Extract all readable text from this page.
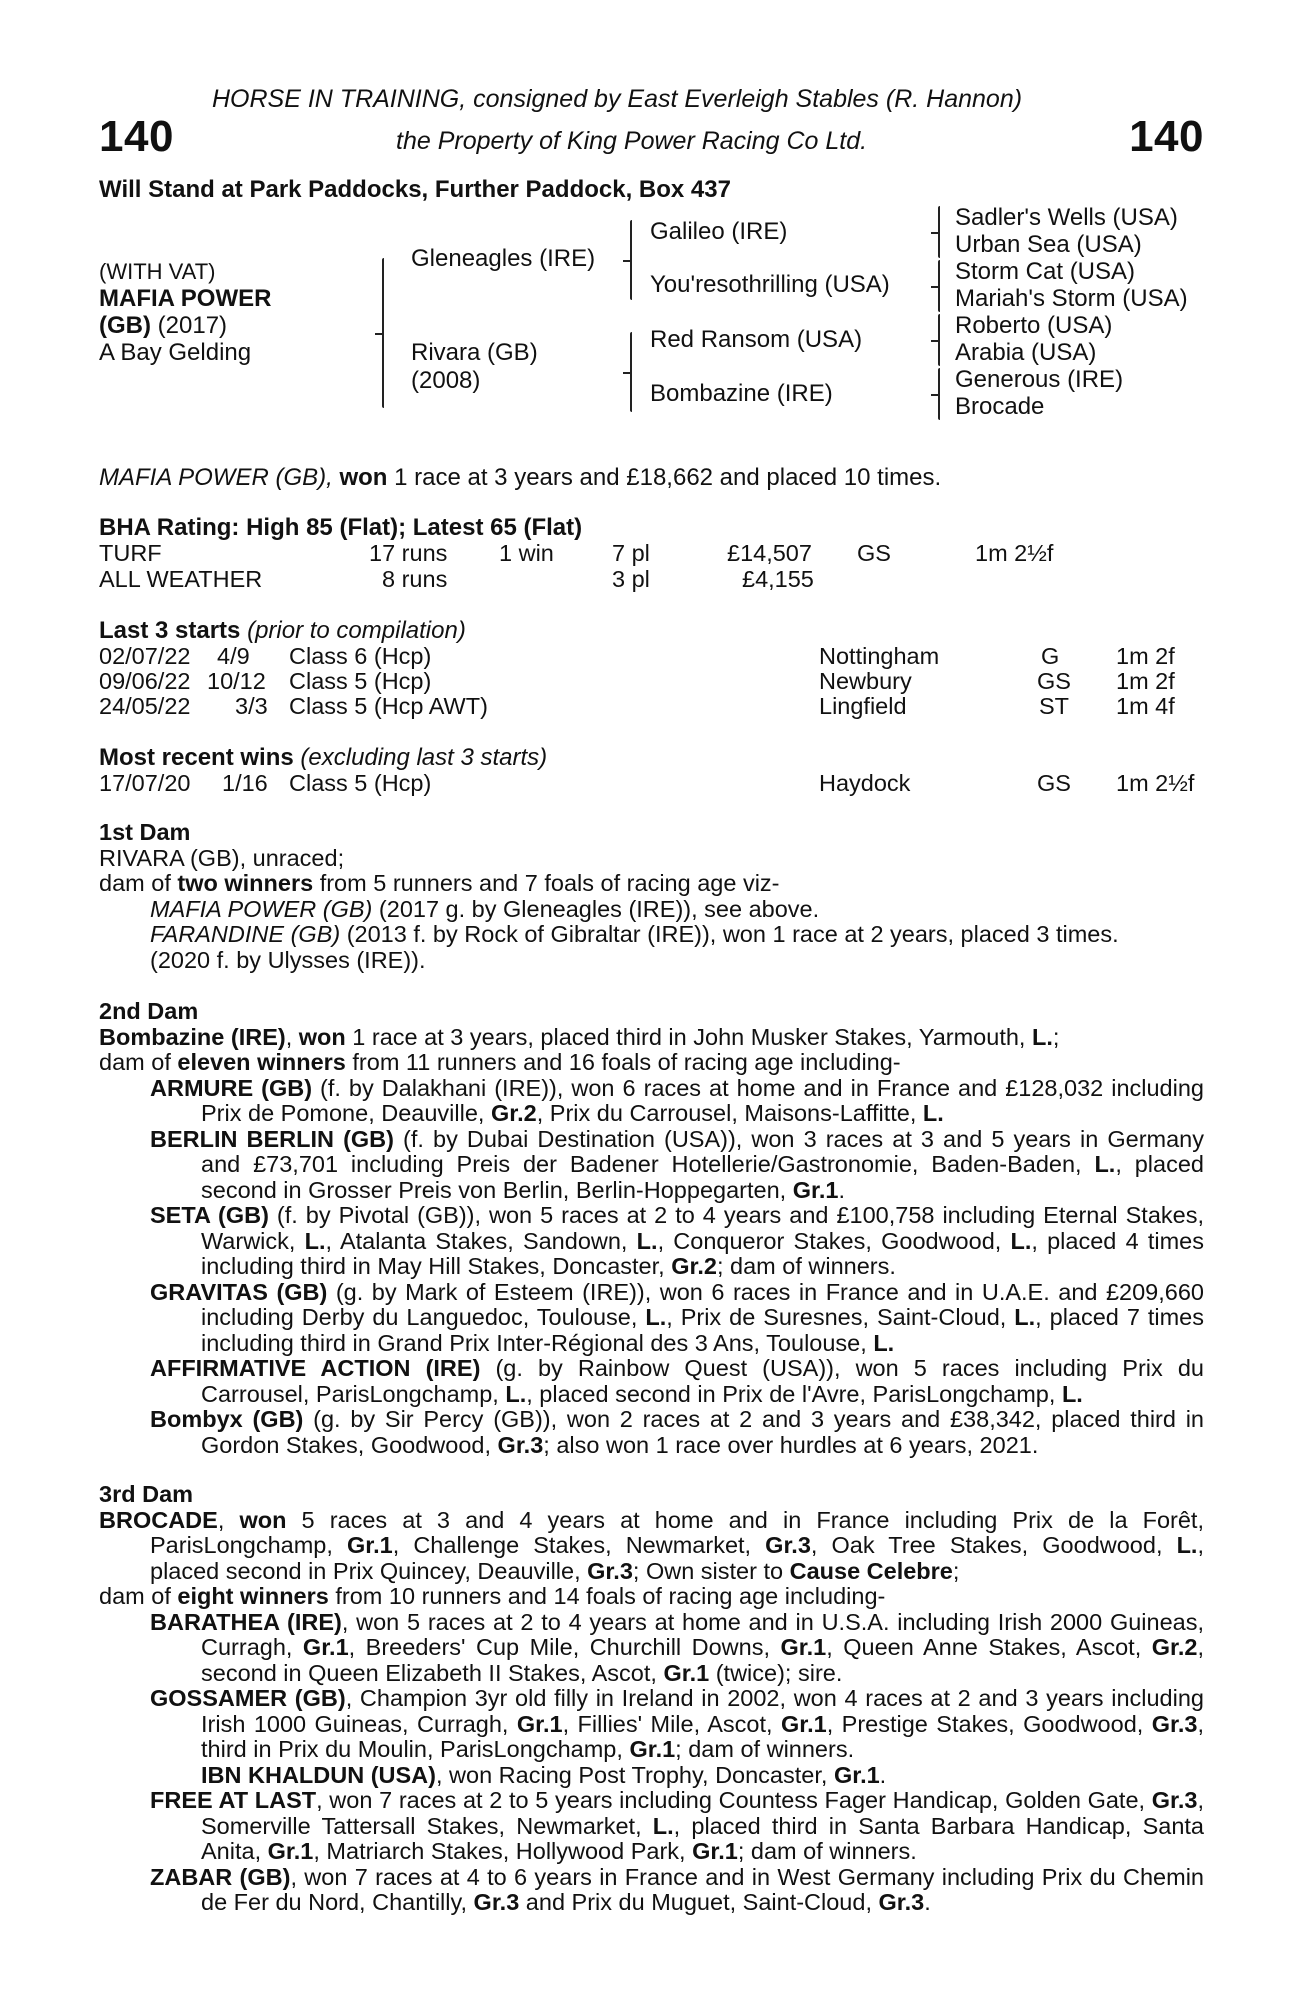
140	140
HORSE IN TRAINING, consigned by East Everleigh Stables (R. Hannon)
the Property of King Power Racing Co Ltd.
Will Stand at Park Paddocks, Further Paddock, Box 437
(WITH VAT)
MAFIA POWER
(GB) (2017)
A Bay Gelding
Gleneagles (IRE)
Rivara (GB)
(2008)
Galileo (IRE)
You'resothrilling (USA)
Red Ransom (USA)
Bombazine (IRE)
Sadler's Wells (USA)
Urban Sea (USA)
Storm Cat (USA)
Mariah's Storm (USA)
Roberto (USA)
Arabia (USA)
Generous (IRE)
Brocade
MAFIA POWER (GB), won 1 race at 3 years and £18,662 and placed 10 times.
BHA Rating: High 85 (Flat); Latest 65 (Flat)
TURF	17 runs 1 win 7 pl	£14,507 GS	1m 2½f
ALL WEATHER	8 runs	3 pl	£4,155
Last 3 starts (prior to compilation)
02/07/22 4/9 Class 6 (Hcp)	Nottingham	G 1m 2f
09/06/22 10/12 Class 5 (Hcp)	Newbury	GS 1m 2f
24/05/22 3/3 Class 5 (Hcp AWT)	Lingfield	ST 1m 4f
Most recent wins (excluding last 3 starts)
17/07/20 1/16 Class 5 (Hcp)	Haydock	GS 1m 2½f

1st Dam

RIVARA (GB), unraced;

dam of two winners from 5 runners and 7 foals of racing age viz-

MAFIA POWER (GB) (2017 g. by Gleneagles (IRE)), see above.

FARANDINE (GB) (2013 f. by Rock of Gibraltar (IRE)), won 1 race at 2 years, placed 3 times.

(2020 f. by Ulysses (IRE)).

2nd Dam

Bombazine (IRE), won 1 race at 3 years, placed third in John Musker Stakes, Yarmouth, L.;

dam of eleven winners from 11 runners and 16 foals of racing age including-

ARMURE (GB) (f. by Dalakhani (IRE)), won 6 races at home and in France and £128,032 including Prix de Pomone, Deauville, Gr.2, Prix du Carrousel, Maisons-Laffitte, L.

BERLIN BERLIN (GB) (f. by Dubai Destination (USA)), won 3 races at 3 and 5 years in Germany and £73,701 including Preis der Badener Hotellerie/Gastronomie, Baden-Baden, L., placed second in Grosser Preis von Berlin, Berlin-Hoppegarten, Gr.1.

SETA (GB) (f. by Pivotal (GB)), won 5 races at 2 to 4 years and £100,758 including Eternal Stakes, Warwick, L., Atalanta Stakes, Sandown, L., Conqueror Stakes, Goodwood, L., placed 4 times including third in May Hill Stakes, Doncaster, Gr.2; dam of winners.

GRAVITAS (GB) (g. by Mark of Esteem (IRE)), won 6 races in France and in U.A.E. and £209,660 including Derby du Languedoc, Toulouse, L., Prix de Suresnes, Saint-Cloud, L., placed 7 times including third in Grand Prix Inter-Régional des 3 Ans, Toulouse, L.

AFFIRMATIVE ACTION (IRE) (g. by Rainbow Quest (USA)), won 5 races including Prix du Carrousel, ParisLongchamp, L., placed second in Prix de l'Avre, ParisLongchamp, L.

Bombyx (GB) (g. by Sir Percy (GB)), won 2 races at 2 and 3 years and £38,342, placed third in Gordon Stakes, Goodwood, Gr.3; also won 1 race over hurdles at 6 years, 2021.

3rd Dam

BROCADE, won 5 races at 3 and 4 years at home and in France including Prix de la Forêt, ParisLongchamp, Gr.1, Challenge Stakes, Newmarket, Gr.3, Oak Tree Stakes, Goodwood, L., placed second in Prix Quincey, Deauville, Gr.3; Own sister to Cause Celebre;

dam of eight winners from 10 runners and 14 foals of racing age including-

BARATHEA (IRE), won 5 races at 2 to 4 years at home and in U.S.A. including Irish 2000 Guineas, Curragh, Gr.1, Breeders' Cup Mile, Churchill Downs, Gr.1, Queen Anne Stakes, Ascot, Gr.2, second in Queen Elizabeth II Stakes, Ascot, Gr.1 (twice); sire.

GOSSAMER (GB), Champion 3yr old filly in Ireland in 2002, won 4 races at 2 and 3 years including Irish 1000 Guineas, Curragh, Gr.1, Fillies' Mile, Ascot, Gr.1, Prestige Stakes, Goodwood, Gr.3, third in Prix du Moulin, ParisLongchamp, Gr.1; dam of winners.

IBN KHALDUN (USA), won Racing Post Trophy, Doncaster, Gr.1.

FREE AT LAST, won 7 races at 2 to 5 years including Countess Fager Handicap, Golden Gate, Gr.3, Somerville Tattersall Stakes, Newmarket, L., placed third in Santa Barbara Handicap, Santa Anita, Gr.1, Matriarch Stakes, Hollywood Park, Gr.1; dam of winners.

ZABAR (GB), won 7 races at 4 to 6 years in France and in West Germany including Prix du Chemin de Fer du Nord, Chantilly, Gr.3 and Prix du Muguet, Saint-Cloud, Gr.3.
